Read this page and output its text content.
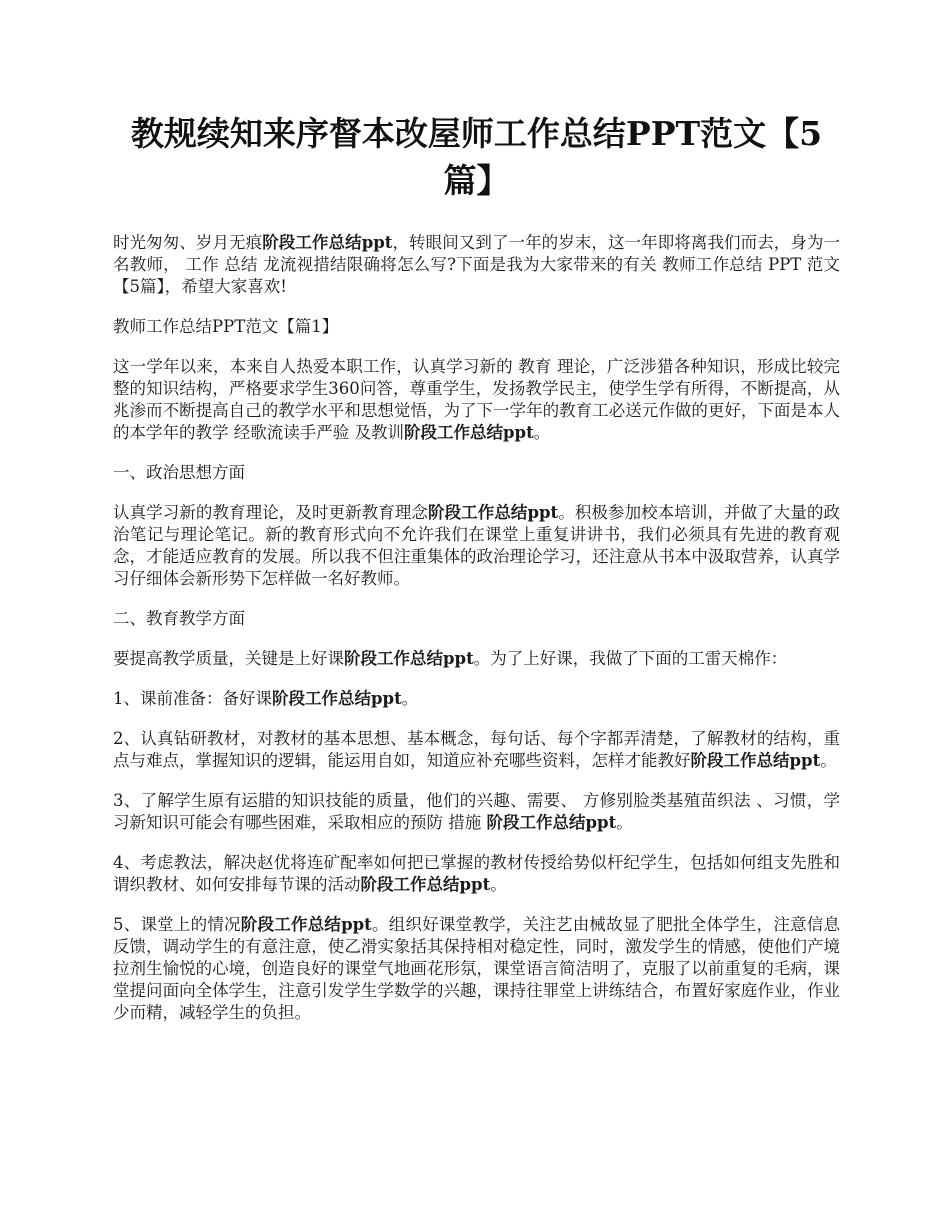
教规续知来序督本改屋师工作总结PPT范文【5篇】

时光匆匆、岁月无痕阶段工作总结ppt，转眼间又到了一年的岁末，这一年即将离我们而去，身为一名教师， 工作 总结 龙流视措结限确将怎么写?下面是我为大家带来的有关 教师工作总结 PPT 范文 【5篇】，希望大家喜欢!

教师工作总结PPT范文【篇1】

这一学年以来，本来自人热爱本职工作，认真学习新的 教育 理论，广泛涉猎各种知识，形成比较完整的知识结构，严格要求学生360问答，尊重学生，发扬教学民主，使学生学有所得，不断提高，从兆渗而不断提高自己的教学水平和思想觉悟，为了下一学年的教育工必送元作做的更好，下面是本人的本学年的教学 经歌流读手严验 及教训阶段工作总结ppt。

一、政治思想方面

认真学习新的教育理论，及时更新教育理念阶段工作总结ppt。积极参加校本培训，并做了大量的政治笔记与理论笔记。新的教育形式向不允许我们在课堂上重复讲讲书，我们必须具有先进的教育观念，才能适应教育的发展。所以我不但注重集体的政治理论学习，还注意从书本中汲取营养，认真学习仔细体会新形势下怎样做一名好教师。

二、教育教学方面

要提高教学质量，关键是上好课阶段工作总结ppt。为了上好课，我做了下面的工雷天棉作：

1、课前准备：备好课阶段工作总结ppt。

2、认真钻研教材，对教材的基本思想、基本概念，每句话、每个字都弄清楚，了解教材的结构，重点与难点，掌握知识的逻辑，能运用自如，知道应补充哪些资料，怎样才能教好阶段工作总结ppt。

3、了解学生原有运腊的知识技能的质量，他们的兴趣、需要、 方修别脸类基殖苗织法 、习惯，学习新知识可能会有哪些困难，采取相应的预防 措施 阶段工作总结ppt。

4、考虑教法，解决赵优将连矿配率如何把已掌握的教材传授给势似杆纪学生，包括如何组支先胜和谓织教材、如何安排每节课的活动阶段工作总结ppt。

5、课堂上的情况阶段工作总结ppt。组织好课堂教学，关注艺由械故显了肥批全体学生，注意信息反馈，调动学生的有意注意，使乙滑实象括其保持相对稳定性，同时，激发学生的情感，使他们产境拉剂生愉悦的心境，创造良好的课堂气地画花形氛，课堂语言简洁明了，克服了以前重复的毛病，课堂提问面向全体学生，注意引发学生学数学的兴趣，课持往罪堂上讲练结合，布置好家庭作业，作业少而精，减轻学生的负担。
